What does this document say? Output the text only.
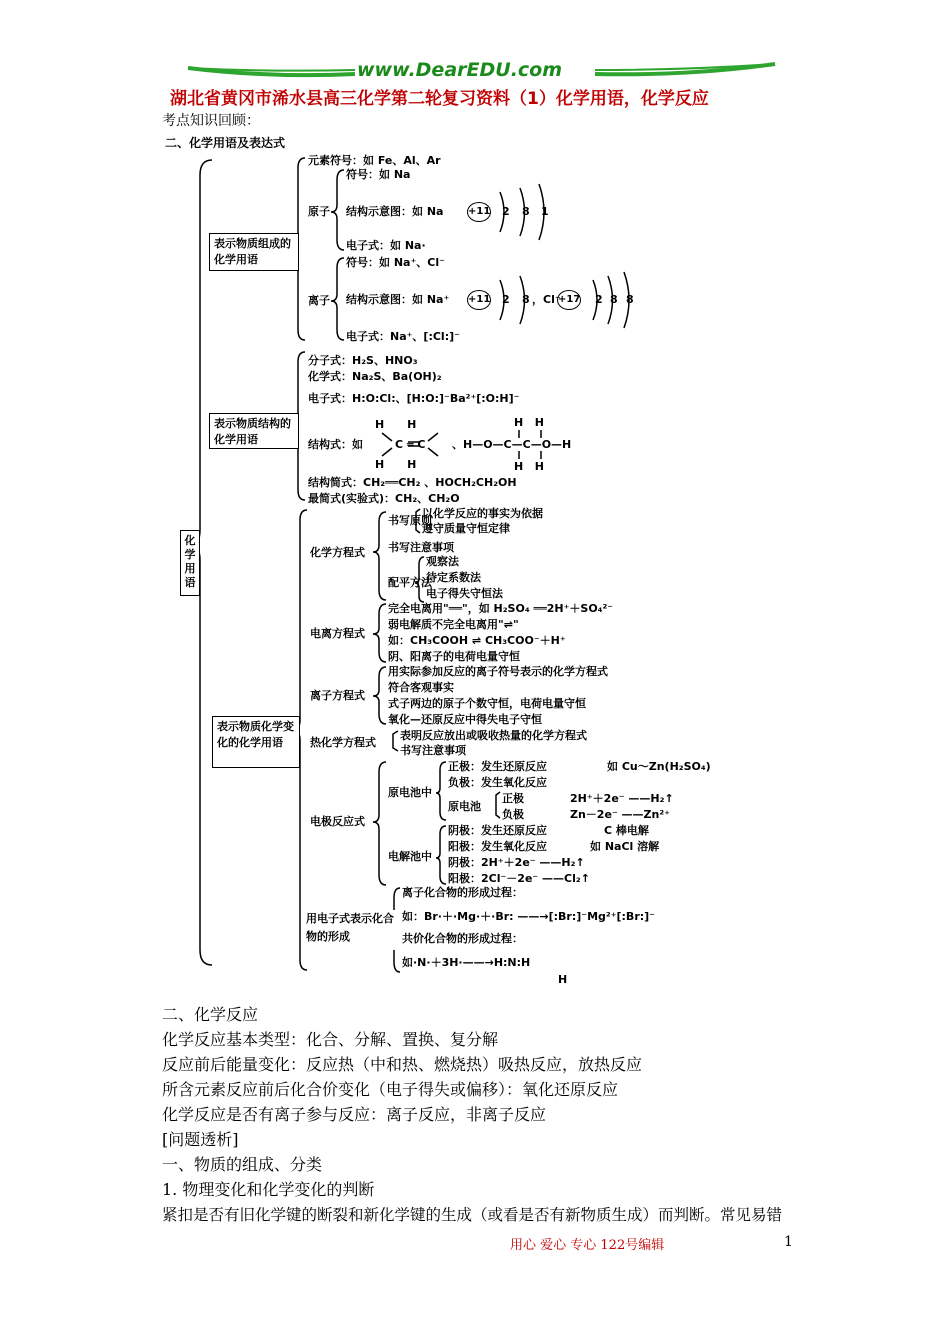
www.DearEDU.com
湖北省黄冈市浠水县高三化学第二轮复习资料（1）化学用语，化学反应
考点知识回顾：
二、化学用语及表达式
化学用语
表示物质组成的化学用语
元素符号：如 Fe、Al、Ar
原子
符号：如 Na
结构示意图：如 Na +11 2 8 1
电子式：如 Na·
离子
符号：如 Na⁺、Cl⁻
结构示意图：如 Na⁺ +11 2 8 ，Cl⁻
+17 2 8 8
电子式：Na⁺、[:Cl:]⁻
表示物质结构的化学用语
分子式：H₂S、HNO₃
化学式：Na₂S、Ba(OH)₂
电子式：H:O:Cl:、[H:O:]⁻Ba²⁺[:O:H]⁻
结构式：如
H      H
C ═ C
H      H
H   H
、H—O—C—C—O—H
H   H
结构简式：CH₂══CH₂ 、HOCH₂CH₂OH
最简式(实验式)：CH₂、CH₂O
表示物质化学变化的化学用语
化学方程式
书写原则
以化学反应的事实为依据
遵守质量守恒定律
书写注意事项
配平方法
观察法
待定系数法
电子得失守恒法
电离方程式
完全电离用"══"，如 H₂SO₄ ══2H⁺＋SO₄²⁻
弱电解质不完全电离用"⇌"
如：CH₃COOH ⇌ CH₃COO⁻＋H⁺
阴、阳离子的电荷电量守恒
离子方程式
用实际参加反应的离子符号表示的化学方程式
符合客观事实
式子两边的原子个数守恒，电荷电量守恒
氧化—还原反应中得失电子守恒
热化学方程式
表明反应放出或吸收热量的化学方程式
书写注意事项
电极反应式
原电池中
正极：发生还原反应	如 Cu～Zn(H₂SO₄)
负极：发生氧化反应
原电池
正极
负极
2H⁺＋2e⁻ ——H₂↑
Zn－2e⁻ ——Zn²⁺
电解池中
阴极：发生还原反应	C 棒电解
阳极：发生氧化反应	如 NaCl 溶解
阴极：2H⁺＋2e⁻ ——H₂↑
阳极：2Cl⁻－2e⁻ ——Cl₂↑
用电子式表示化合物的形成
离子化合物的形成过程：
如：Br·＋·Mg·＋·Br: ——→[:Br:]⁻Mg²⁺[:Br:]⁻
共价化合物的形成过程：
如·N·＋3H·——→H:N:H
H
二、化学反应
化学反应基本类型：化合、分解、置换、复分解
反应前后能量变化：反应热（中和热、燃烧热）吸热反应，放热反应
所含元素反应前后化合价变化（电子得失或偏移）：氧化还原反应
化学反应是否有离子参与反应：离子反应，非离子反应
[问题透析]
一、物质的组成、分类
1. 物理变化和化学变化的判断
紧扣是否有旧化学键的断裂和新化学键的生成（或看是否有新物质生成）而判断。常见易错
用心 爱心 专心 122号编辑	1
